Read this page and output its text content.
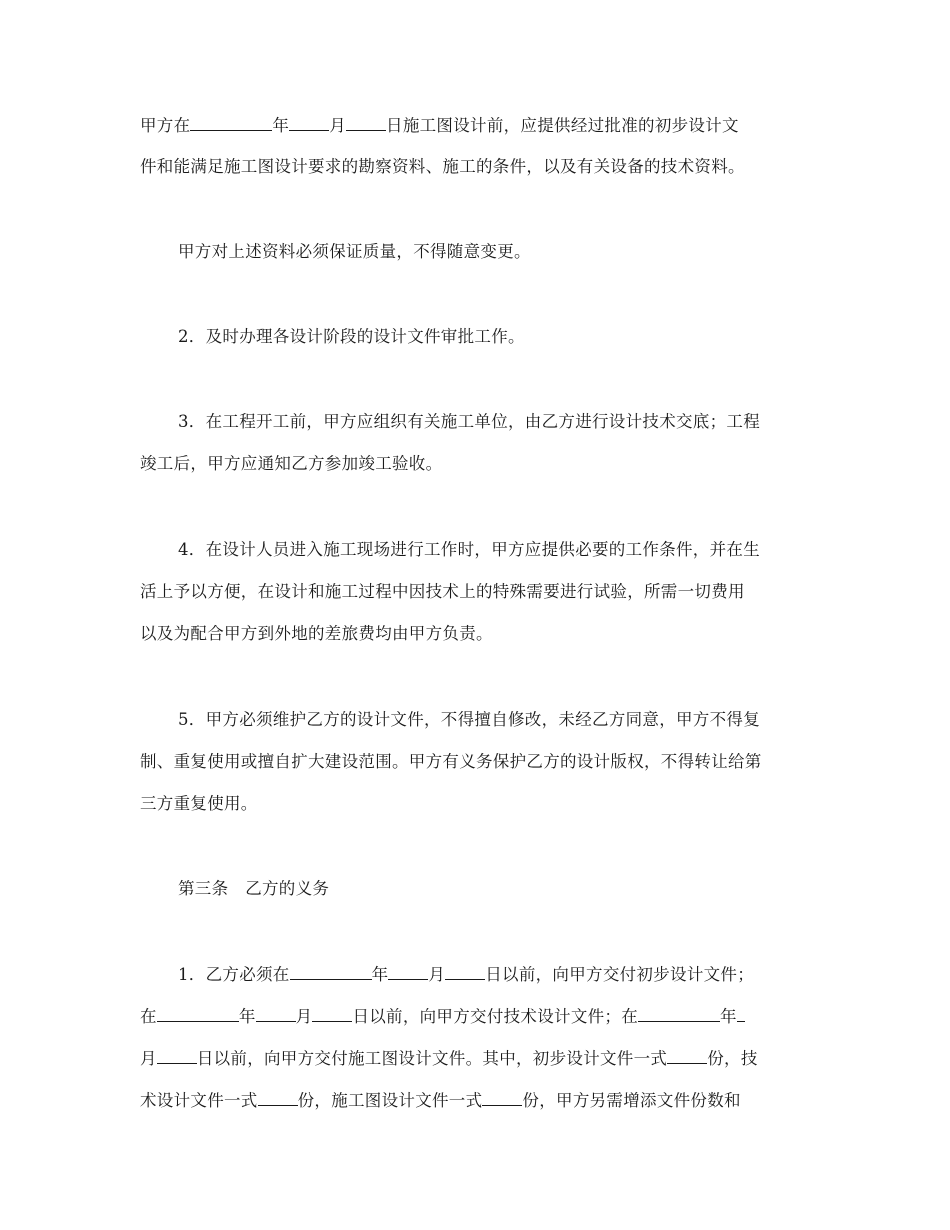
甲方在	年 月 日施工图设计前，应提供经过批准的初步设计文
件和能满足施工图设计要求的勘察资料、施工的条件，以及有关设备的技术资料。
甲方对上述资料必须保证质量，不得随意变更。
2．及时办理各设计阶段的设计文件审批工作。
3．在工程开工前，甲方应组织有关施工单位，由乙方进行设计技术交底；工程
竣工后，甲方应通知乙方参加竣工验收。
4．在设计人员进入施工现场进行工作时，甲方应提供必要的工作条件，并在生
活上予以方便，在设计和施工过程中因技术上的特殊需要进行试验，所需一切费用
以及为配合甲方到外地的差旅费均由甲方负责。
5．甲方必须维护乙方的设计文件，不得擅自修改，未经乙方同意，甲方不得复
制、重复使用或擅自扩大建设范围。甲方有义务保护乙方的设计版权，不得转让给第
三方重复使用。
第三条　乙方的义务
1．乙方必须在	年 月 日以前，向甲方交付初步设计文件；
在	年 月 日以前，向甲方交付技术设计文件；在	年
月 日以前，向甲方交付施工图设计文件。其中，初步设计文件一式 份，技
术设计文件一式 份，施工图设计文件一式 份，甲方另需增添文件份数和
